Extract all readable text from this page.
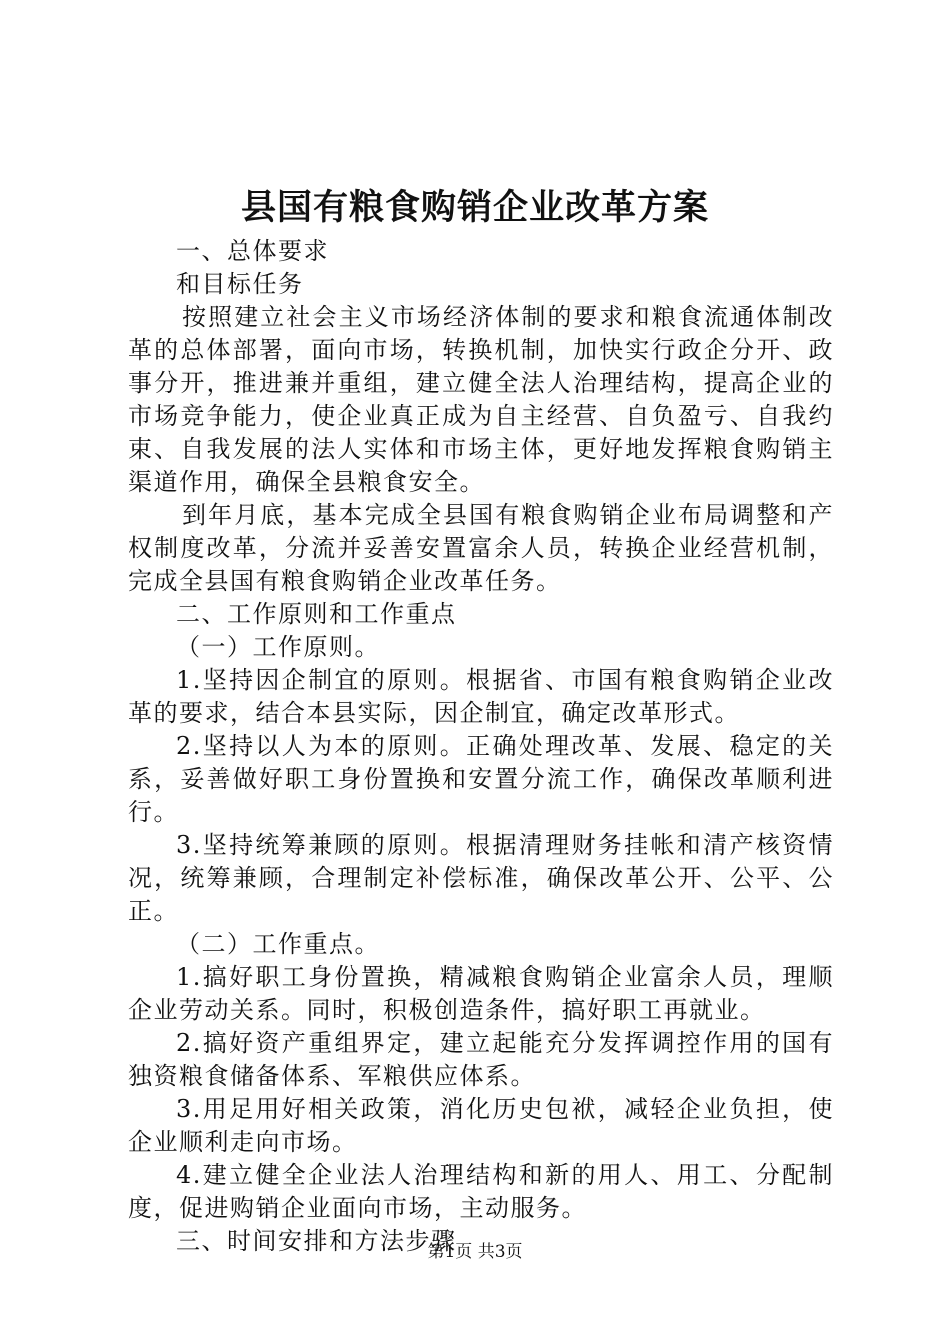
县国有粮食购销企业改革方案

一、总体要求

和目标任务

按照建立社会主义市场经济体制的要求和粮食流通体制改革的总体部署，面向市场，转换机制，加快实行政企分开、政事分开，推进兼并重组，建立健全法人治理结构，提高企业的市场竞争能力，使企业真正成为自主经营、自负盈亏、自我约束、自我发展的法人实体和市场主体，更好地发挥粮食购销主渠道作用，确保全县粮食安全。

到年月底，基本完成全县国有粮食购销企业布局调整和产权制度改革，分流并妥善安置富余人员，转换企业经营机制，完成全县国有粮食购销企业改革任务。

二、工作原则和工作重点

（一）工作原则。

1.坚持因企制宜的原则。根据省、市国有粮食购销企业改革的要求，结合本县实际，因企制宜，确定改革形式。

2.坚持以人为本的原则。正确处理改革、发展、稳定的关系，妥善做好职工身份置换和安置分流工作，确保改革顺利进行。

3.坚持统筹兼顾的原则。根据清理财务挂帐和清产核资情况，统筹兼顾，合理制定补偿标准，确保改革公开、公平、公正。

（二）工作重点。

1.搞好职工身份置换，精减粮食购销企业富余人员，理顺企业劳动关系。同时，积极创造条件，搞好职工再就业。

2.搞好资产重组界定，建立起能充分发挥调控作用的国有独资粮食储备体系、军粮供应体系。

3.用足用好相关政策，消化历史包袱，减轻企业负担，使企业顺利走向市场。

4.建立健全企业法人治理结构和新的用人、用工、分配制度，促进购销企业面向市场，主动服务。

三、时间安排和方法步骤

第1页 共3页
